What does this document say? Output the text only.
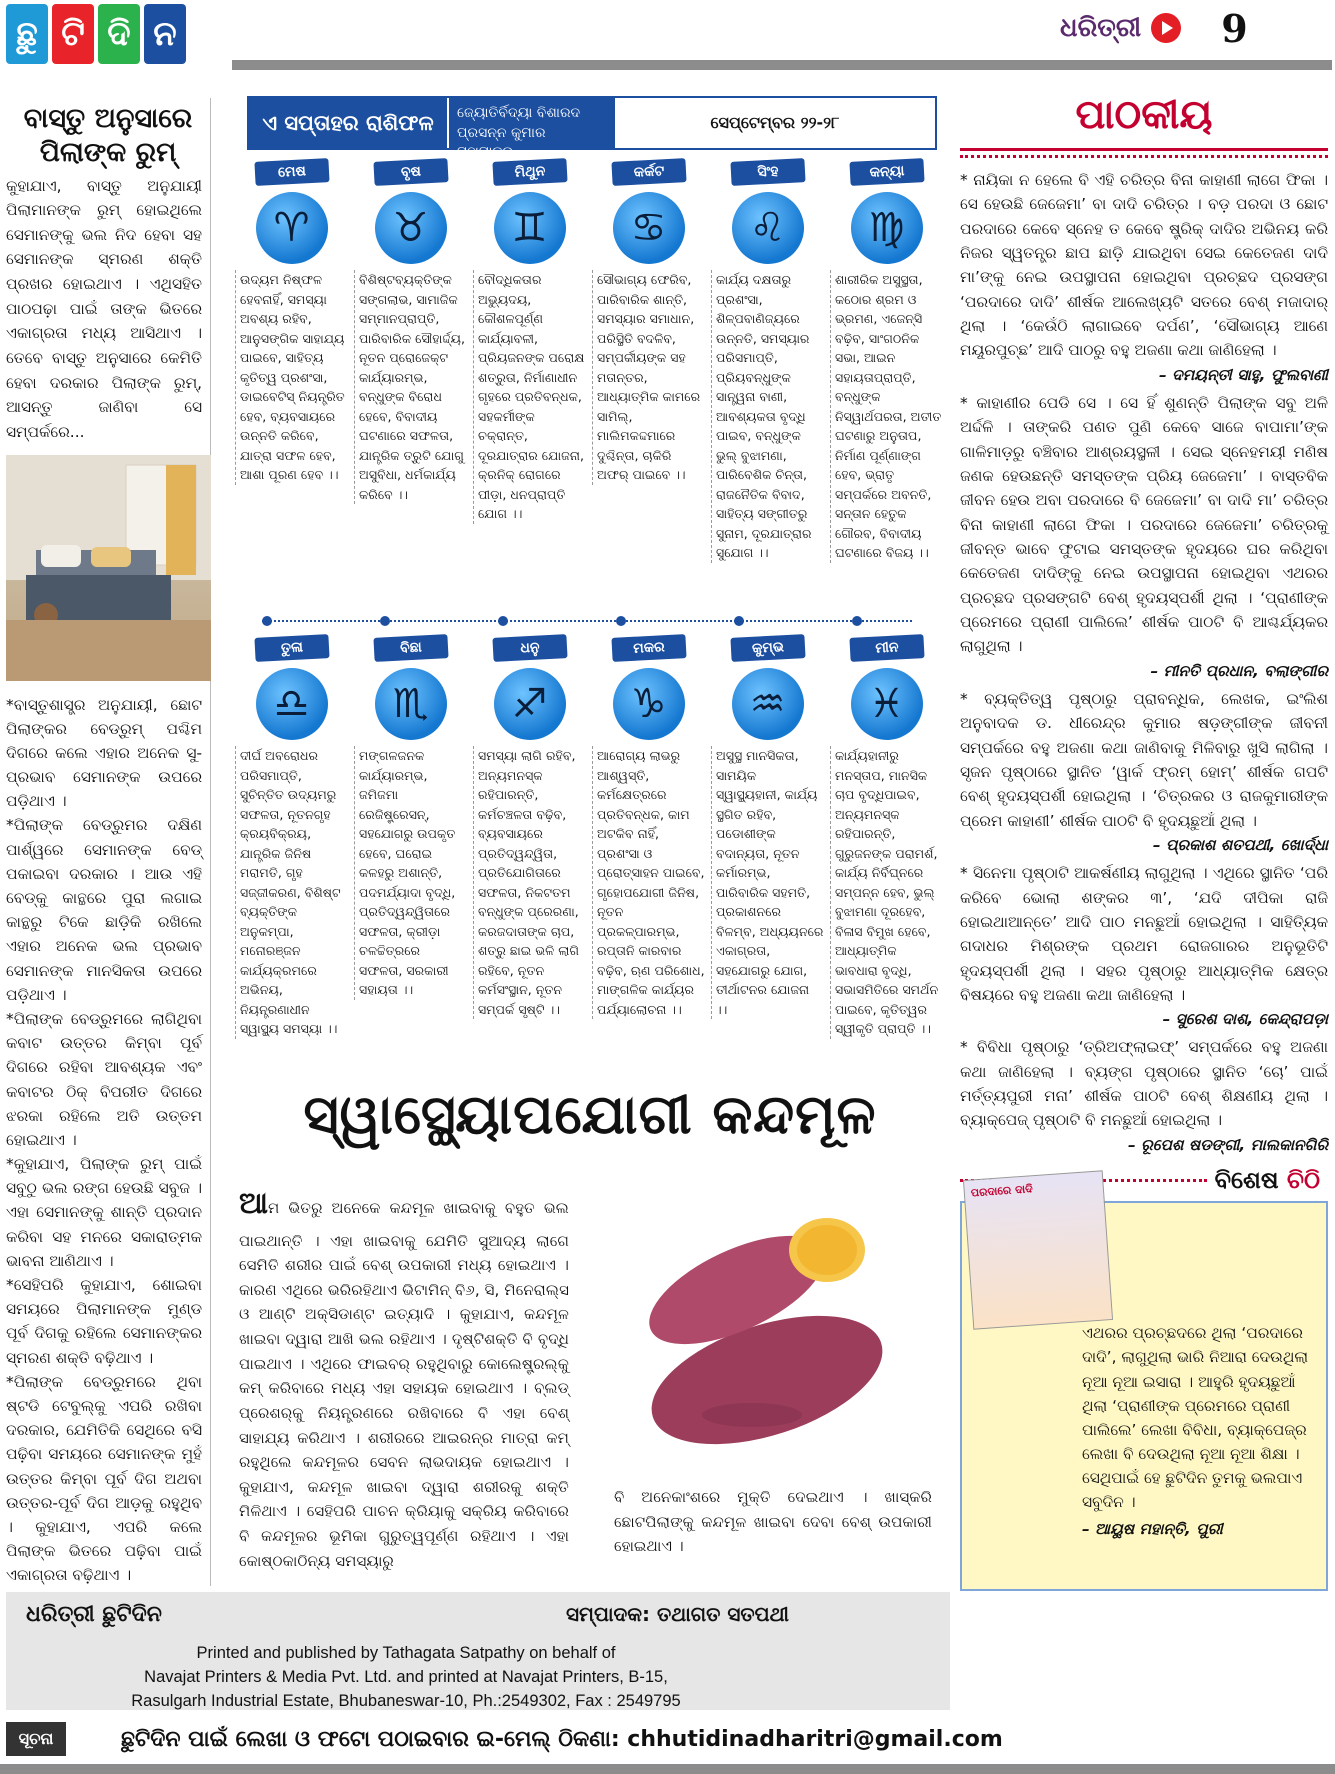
ଛୁ ଟି ଦି ନ	ଧରିତ୍ରୀ 9
ବାସ୍ତୁ ଅନୁସାରେ ପିଲାଙ୍କ ରୁମ୍
କୁହାଯାଏ, ବାସ୍ତୁ ଅନୁଯାୟୀ ପିଲାମାନଙ୍କ ରୁମ୍ ହୋଇଥିଲେ ସେମାନଙ୍କୁ ଭଲ ନିଦ ହେବା ସହ ସେମାନଙ୍କ ସ୍ମରଣ ଶକ୍ତି ପ୍ରଖର ହୋଇଥାଏ । ଏଥିସହିତ ପାଠପଢ଼ା ପାଇଁ ତାଙ୍କ ଭିତରେ ଏକାଗ୍ରତା ମଧ୍ୟ ଆସିଥାଏ । ତେବେ ବାସ୍ତୁ ଅନୁସାରେ କେମିତି ହେବା ଦରକାର ପିଲାଙ୍କ ରୁମ୍, ଆସନ୍ତୁ ଜାଣିବା ସେ ସମ୍ପର୍କରେ...

*ବାସ୍ତୁଶାସ୍ତ୍ର ଅନୁଯାୟୀ, ଛୋଟ ପିଲାଙ୍କର ବେଡ୍‌ରୁମ୍ ପଶ୍ଚିମ ଦିଗରେ କଲେ ଏହାର ଅନେକ ସୁ-ପ୍ରଭାବ ସେମାନଙ୍କ ଉପରେ ପଡ଼ିଥାଏ ।

*ପିଲାଙ୍କ ବେଡ୍‌ରୁମର ଦକ୍ଷିଣ ପାର୍ଶ୍ୱରେ ସେମାନଙ୍କ ବେଡ୍ ପକାଇବା ଦରକାର । ଆଉ ଏହି ବେଡ୍‌କୁ କାନ୍ଥରେ ପୁରା ଲଗାଇ କାନ୍ଥରୁ ଟିକେ ଛାଡ଼ିକି ରଖିଲେ ଏହାର ଅନେକ ଭଲ ପ୍ରଭାବ ସେମାନଙ୍କ ମାନସିକତା ଉପରେ ପଡ଼ିଥାଏ ।

*ପିଲାଙ୍କ ବେଡ୍‌ରୁମରେ ଲାଗିଥିବା କବାଟ ଉତ୍ତର କିମ୍ବା ପୂର୍ବ ଦିଗରେ ରହିବା ଆବଶ୍ୟକ ଏବଂ କବାଟର ଠିକ୍ ବିପରୀତ ଦିଗରେ ଝରକା ରହିଲେ ଅତି ଉତ୍ତମ ହୋଇଥାଏ ।

*କୁହାଯାଏ, ପିଲାଙ୍କ ରୁମ୍ ପାଇଁ ସବୁଠୁ ଭଲ ରଙ୍ଗ ହେଉଛି ସବୁଜ । ଏହା ସେମାନଙ୍କୁ ଶାନ୍ତି ପ୍ରଦାନ କରିବା ସହ ମନରେ ସକାରାତ୍ମକ ଭାବନା ଆଣିଥାଏ ।

*ସେହିପରି କୁହାଯାଏ, ଶୋଇବା ସମୟରେ ପିଲାମାନଙ୍କ ମୁଣ୍ଡ ପୂର୍ବ ଦିଗକୁ ରହିଲେ ସେମାନଙ୍କର ସ୍ମରଣ ଶକ୍ତି ବଢ଼ିଥାଏ ।

*ପିଲାଙ୍କ ବେଡ୍‌ରୁମରେ ଥିବା ଷ୍ଟଡି ଟେବୁଲ୍‌କୁ ଏପରି ରଖିବା ଦରକାର, ଯେମିତିକି ସେଥିରେ ବସି ପଢ଼ିବା ସମୟରେ ସେମାନଙ୍କ ମୁହଁ ଉତ୍ତର କିମ୍ବା ପୂର୍ବ ଦିଗ ଅଥବା ଉତ୍ତର-ପୂର୍ବ ଦିଗ ଆଡ଼କୁ ରହୁଥିବ । କୁହାଯାଏ, ଏପରି କଲେ ପିଲାଙ୍କ ଭିତରେ ପଢ଼ିବା ପାଇଁ ଏକାଗ୍ରତା ବଢ଼ିଥାଏ ।

ଏ ସପ୍ତାହର ରାଶିଫଳ	ଜ୍ୟୋତିର୍ବିଦ୍ୟା ବିଶାରଦ ପ୍ରସନ୍ନ କୁମାର ମହାପାତ୍ର
ସେପ୍ଟେମ୍ବର ୨୨-୨୮
ମେଷ
♈
ଉଦ୍ୟମ ନିଷ୍ଫଳ ହେବନାହିଁ, ସମସ୍ୟା ଅବଶ୍ୟ ରହିବ, ଆନୁସଙ୍ଗିକ ସାହାଯ୍ୟ ପାଇବେ, ସାହିତ୍ୟ କୃତିତ୍ୱ ପ୍ରଶଂସା, ଡାଇବେଟିସ୍ ନିୟନ୍ତ୍ରିତ ହେବ, ବ୍ୟବସାୟରେ ଉନ୍ନତି କରିବେ, ଯାତ୍ରା ସଫଳ ହେବ, ଆଶା ପୂରଣ ହେବ ।।
ବୃଷ
♉
ବିଶିଷ୍ଟବ୍ୟକ୍ତିଙ୍କ ସଙ୍ଗଲାଭ, ସାମାଜିକ ସମ୍ମାନପ୍ରାପ୍ତି, ପାରିବାରିକ ସୌହାର୍ଦ୍ଦ୍ୟ, ନୂତନ ପ୍ରୋଜେକ୍ଟ କାର୍ଯ୍ୟାରମ୍ଭ, ବନ୍ଧୁଙ୍କ ବିରୋଧ ହେବେ, ବିବାଦୀୟ ଘଟଣାରେ ସଫଳତା, ଯାନ୍ତ୍ରିକ ତ୍ରୁଟି ଯୋଗୁ ଅସୁବିଧା, ଧର୍ମକାର୍ଯ୍ୟ କରିବେ ।।
ମିଥୁନ
♊
ବୌଦ୍ଧିକତାର ଅଭ୍ୟୁଦୟ, କୌଶଳପୂର୍ଣ୍ଣ କାର୍ଯ୍ୟାବଳୀ, ପ୍ରିୟଜନଙ୍କ ପରୋକ୍ଷ ଶତ୍ରୁତା, ନିର୍ମାଣାଧୀନ ଗୃହରେ ପ୍ରତିବନ୍ଧକ, ସହକର୍ମୀଙ୍କ ଚକ୍ରାନ୍ତ, ଦୂରଯାତ୍ରାର ଯୋଜନା, କ୍ରନିକ୍ ରୋଗରେ ପୀଡ଼ା, ଧନପ୍ରାପ୍ତି ଯୋଗ ।।
କର୍କଟ
♋
ସୌଭାଗ୍ୟ ଫେରିବ, ପାରିବାରିକ ଶାନ୍ତି, ସମସ୍ୟାର ସମାଧାନ, ପରିସ୍ଥିତି ବଦଳିବ, ସମ୍ପର୍କୀୟଙ୍କ ସହ ମତାନ୍ତର, ଆଧ୍ୟାତ୍ମିକ କାମରେ ସାମିଲ୍, ମାଲିମକଦ୍ଦମାରେ ଦୁଶ୍ଚିନ୍ତା, ଚାକିରି ଅଫର୍ ପାଇବେ ।।
ସିଂହ
♌
କାର୍ଯ୍ୟ ଦକ୍ଷତାରୁ ପ୍ରଶଂସା, ଶିଳ୍ପବାଣିଜ୍ୟରେ ଉନ୍ନତି, ସମସ୍ୟାର ପରିସମାପ୍ତି, ପ୍ରିୟବନ୍ଧୁଙ୍କ ସାନ୍ତ୍ୱନା ବାଣୀ, ଆବଶ୍ୟକତା ବୃଦ୍ଧି ପାଇବ, ବନ୍ଧୁଙ୍କ ଭୁଲ୍ ବୁଝାମଣା, ପାରିବେଶିକ ଚିନ୍ତା, ରାଜନୈତିକ ବିବାଦ, ସାହିତ୍ୟ ସଙ୍ଗୀତରୁ ସୁନାମ, ଦୂରଯାତ୍ରାର ସୁଯୋଗ ।।
କନ୍ୟା
♍
ଶାରୀରିକ ଅସୁସ୍ଥତା, କଠୋର ଶ୍ରମ ଓ ଭ୍ରମଣ, ଏଜେନ୍ସି ବଢ଼ିବ, ସାଂଗଠନିକ ସଭା, ଆଇନ ସହାୟତାପ୍ରାପ୍ତି, ବନ୍ଧୁଙ୍କ ନିସ୍ୱାର୍ଥପରତା, ଅତୀତ ଘଟଣାରୁ ଅନୁତାପ, ନିର୍ମାଣ ପୂର୍ଣ୍ଣାଙ୍ଗ ହେବ, ଭ୍ରାତୃ ସମ୍ପର୍କରେ ଅବନତି, ସନ୍ତାନ ହେତୁକ ଗୌରବ, ବିବାଦୀୟ ଘଟଣାରେ ବିଜୟ ।।
ତୁଳା
♎
ଦୀର୍ଘ ଅବରୋଧର ପରିସମାପ୍ତି, ସୁଚିନ୍ତିତ ଉଦ୍ୟମରୁ ସଫଳତା, ନୂତନଗୃହ କ୍ରୟବିକ୍ରୟ, ଯାନ୍ତ୍ରିକ ଜିନିଷ ମରାମତି, ଗୃହ ସଜ୍ଜୀକରଣ, ବିଶିଷ୍ଟ ବ୍ୟକ୍ତିଙ୍କ ଅନୁକମ୍ପା, ମନୋରଞ୍ଜନ କାର୍ଯ୍ୟକ୍ରମରେ ଅଭିନୟ, ନିୟନ୍ତ୍ରଣାଧୀନ ସ୍ୱାସ୍ଥ୍ୟ ସମସ୍ୟା ।।
ବିଛା
♏
ମଙ୍ଗଳଜନକ କାର୍ଯ୍ୟାରମ୍ଭ, ଜମିଜମା ରେଜିଷ୍ଟ୍ରେସନ୍, ସହଯୋଗରୁ ଉପକୃତ ହେବେ, ଘରୋଇ କଳହରୁ ଅଶାନ୍ତି, ପଦମର୍ଯ୍ୟାଦା ବୃଦ୍ଧି, ପ୍ରତିଦ୍ୱନ୍ଦ୍ୱିତାରେ ସଫଳତା, କ୍ରୀଡ଼ା ଚଳଚ୍ଚିତ୍ରରେ ସଫଳତା, ସରକାରୀ ସହାୟତା ।।
ଧନୁ
♐
ସମସ୍ୟା ଲାଗି ରହିବ, ଅନ୍ୟମନସ୍କ ରହିପାରନ୍ତି, କର୍ମଚଞ୍ଚଳତା ବଢ଼ିବ, ବ୍ୟବସାୟରେ ପ୍ରତିଦ୍ୱନ୍ଦ୍ୱିତା, ପ୍ରତିଯୋଗିତାରେ ସଫଳତା, ନିକଟତମ ବନ୍ଧୁଙ୍କ ପ୍ରେରଣା, କରଜଦାତାଙ୍କ ଚାପ, ଶତ୍ରୁ ଛାଇ ଭଳି ଲାଗି ରହିବେ, ନୂତନ କର୍ମସଂସ୍ଥାନ, ନୂତନ ସମ୍ପର୍କ ସୃଷ୍ଟି ।।
ମକର
♑
ଆରୋଗ୍ୟ ଲାଭରୁ ଆଶ୍ୱସ୍ତି, କର୍ମକ୍ଷେତ୍ରରେ ପ୍ରତିବନ୍ଧକ, କାମ ଅଟକିବ ନାହିଁ, ପ୍ରଶଂସା ଓ ପ୍ରୋତ୍ସାହନ ପାଇବେ, ଗୃହୋପଯୋଗୀ ଜିନିଷ, ନୂତନ ପ୍ରକଳ୍ପାରମ୍ଭ, ରପ୍ତାନି କାରବାର ବଢ଼ିବ, ଋଣ ପରିଶୋଧ, ମାଙ୍ଗଳିକ କାର୍ଯ୍ୟର ପର୍ଯ୍ୟାଲୋଚନା ।।
କୁମ୍ଭ
♒
ଅସୁସ୍ଥ ମାନସିକତା, ସାମୟିକ ସ୍ୱାସ୍ଥ୍ୟହାନୀ, କାର୍ଯ୍ୟ ସ୍ଥଗିତ ରହିବ, ପଡୋଶୀଙ୍କ ବଦାନ୍ୟତା, ନୂତନ କର୍ମାରମ୍ଭ, ପାରିବାରିକ ସହମତି, ପ୍ରକାଶନରେ ବିଳମ୍ବ, ଅଧ୍ୟୟନରେ ଏକାଗ୍ରତା, ସହଯୋଗରୁ ଯୋଗ, ତୀର୍ଥାଟନର ଯୋଜନା ।।
ମୀନ
♓
କାର୍ଯ୍ୟହାନୀରୁ ମନସ୍ତାପ, ମାନସିକ ଚାପ ବୃଦ୍ଧିପାଇବ, ଅନ୍ୟମନସ୍କ ରହିପାରନ୍ତି, ଗୁରୁଜନଙ୍କ ପରାମର୍ଶ, କାର୍ଯ୍ୟ ନିର୍ବିଘ୍ନରେ ସମ୍ପନ୍ନ ହେବ, ଭୁଲ୍ ବୁଝାମଣା ଦୂରହେବ, ବିଳାସ ବିମୁଖ ହେବେ, ଆଧ୍ୟାତ୍ମିକ ଭାବଧାରା ବୃଦ୍ଧି, ସଭାସମିତିରେ ସମର୍ଥନ ପାଇବେ, କୃତିତ୍ୱର ସ୍ୱୀକୃତି ପ୍ରାପ୍ତି ।।
ସ୍ୱାସ୍ଥ୍ୟୋପଯୋଗୀ କନ୍ଦମୂଳ
ଆମ ଭିତରୁ ଅନେକେ କନ୍ଦମୂଳ ଖାଇବାକୁ ବହୁତ ଭଲ ପାଇଥାନ୍ତି । ଏହା ଖାଇବାକୁ ଯେମିତି ସୁଆଦ୍ୟ ଲାଗେ ସେମିତି ଶରୀର ପାଇଁ ବେଶ୍ ଉପକାରୀ ମଧ୍ୟ ହୋଇଥାଏ । କାରଣ ଏଥିରେ ଭରିରହିଥାଏ ଭିଟାମିନ୍ ବି୬, ସି, ମିନେରାଲ୍ସ ଓ ଆଣ୍ଟି ଅକ୍ସିଡାଣ୍ଟ ଇତ୍ୟାଦି । କୁହାଯାଏ, କନ୍ଦମୂଳ ଖାଇବା ଦ୍ୱାରା ଆଖି ଭଲ ରହିଥାଏ । ଦୃଷ୍ଟିଶକ୍ତି ବି ବୃଦ୍ଧି ପାଇଥାଏ । ଏଥିରେ ଫାଇବର୍ ରହୁଥିବାରୁ କୋଲେଷ୍ଟ୍ରଲ୍‌କୁ କମ୍ କରିବାରେ ମଧ୍ୟ ଏହା ସହାୟକ ହୋଇଥାଏ । ବ୍ଲଡ୍ ପ୍ରେଶର୍‌କୁ ନିୟନ୍ତ୍ରଣରେ ରଖିବାରେ ବି ଏହା ବେଶ୍ ସାହାଯ୍ୟ କରିଥାଏ । ଶରୀରରେ ଆଇରନ୍‌ର ମାତ୍ରା କମ୍ ରହୁଥିଲେ କନ୍ଦମୂଳର ସେବନ ଲାଭଦାୟକ ହୋଇଥାଏ । କୁହାଯାଏ, କନ୍ଦମୂଳ ଖାଇବା ଦ୍ୱାରା ଶରୀରକୁ ଶକ୍ତି ମିଳିଥାଏ । ସେହିପରି ପାଚନ କ୍ରିୟାକୁ ସକ୍ରିୟ କରିବାରେ ବି କନ୍ଦମୂଳର ଭୂମିକା ଗୁରୁତ୍ୱପୂର୍ଣ୍ଣ ରହିଥାଏ । ଏହା କୋଷ୍ଠକାଠିନ୍ୟ ସମସ୍ୟାରୁ
ବି ଅନେକାଂଶରେ ମୁକ୍ତି ଦେଇଥାଏ । ଖାସ୍‌କରି ଛୋଟପିଲାଙ୍କୁ କନ୍ଦମୂଳ ଖାଇବା ଦେବା ବେଶ୍ ଉପକାରୀ ହୋଇଥାଏ ।
ପାଠକୀୟ
* ନାୟିକା ନ ହେଲେ ବି ଏହି ଚରିତ୍ର ବିନା କାହାଣୀ ଲାଗେ ଫିକା । ସେ ହେଉଛି ଜେଜେମା’ ବା ଦାଦି ଚରିତ୍ର । ବଡ଼ ପରଦା ଓ ଛୋଟ ପରଦାରେ କେବେ ସ୍ନେହ ତ କେବେ ଷ୍ଟ୍ରିକ୍ ଦାଦିର ଅଭିନୟ କରି ନିଜର ସ୍ୱତନ୍ତ୍ର ଛାପ ଛାଡ଼ି ଯାଇଥିବା ସେଇ କେତେଜଣ ଦାଦି ମା’ଙ୍କୁ ନେଇ ଉପସ୍ଥାପନା ହୋଇଥିବା ପ୍ରଚ୍ଛଦ ପ୍ରସଙ୍ଗ ‘ପରଦାରେ ଦାଦି’ ଶୀର୍ଷକ ଆଲେଖ୍ୟଟି ସତରେ ବେଶ୍ ମଜାଦାର୍ ଥିଲା । ‘କେଉଁଠି ଲାଗାଇବେ ଦର୍ପଣ’, ‘ସୌଭାଗ୍ୟ ଆଣେ ମୟୂରପୁଚ୍ଛ’ ଆଦି ପାଠରୁ ବହୁ ଅଜଣା କଥା ଜାଣିହେଲା ।
– ଦମୟନ୍ତୀ ସାହୁ, ଫୁଲବାଣୀ
* କାହାଣୀର ପେଡି ସେ । ସେ ହିଁ ଶୁଣନ୍ତି ପିଲାଙ୍କ ସବୁ ଅଳି ଅର୍ଦ୍ଦଳି । ତାଙ୍କରି ପଣତ ପୁଣି କେବେ ସାଜେ ବାପାମା’ଙ୍କ ଗାଳିମାଡ଼ରୁ ବଞ୍ଚିବାର ଆଶ୍ରୟସ୍ଥଳୀ । ସେଇ ସ୍ନେହମୟୀ ମଣିଷ ଜଣକ ହେଉଛନ୍ତି ସମସ୍ତଙ୍କ ପ୍ରିୟ ଜେଜେମା’ । ବାସ୍ତବିକ ଜୀବନ ହେଉ ଅବା ପରଦାରେ ବି ଜେଜେମା’ ବା ଦାଦି ମା’ ଚରିତ୍ର ବିନା କାହାଣୀ ଲାଗେ ଫିକା । ପରଦାରେ ଜେଜେମା’ ଚରିତ୍ରକୁ ଜୀବନ୍ତ ଭାବେ ଫୁଟାଇ ସମସ୍ତଙ୍କ ହୃଦୟରେ ଘର କରିଥିବା କେତେଜଣ ଦାଦିଙ୍କୁ ନେଇ ଉପସ୍ଥାପନା ହୋଇଥିବା ଏଥରର ପ୍ରଚ୍ଛଦ ପ୍ରସଙ୍ଗଟି ବେଶ୍ ହୃଦୟସ୍ପର୍ଶୀ ଥିଲା । ‘ପ୍ରାଣୀଙ୍କ ପ୍ରେମରେ ପ୍ରାଣୀ ପାଲିଲେ’ ଶୀର୍ଷକ ପାଠଟି ବି ଆଶ୍ଚର୍ଯ୍ୟକର ଲାଗୁଥିଲା ।
– ମୀନତି ପ୍ରଧାନ, ବଲାଙ୍ଗୀର
* ବ୍ୟକ୍ତିତ୍ୱ ପୃଷ୍ଠାରୁ ପ୍ରାବନ୍ଧିକ, ଲେଖକ, ଇଂଲିଶ ଅନୁବାଦକ ଡ. ଧୀରେନ୍ଦ୍ର କୁମାର ଷଡ଼ଙ୍ଗୀଙ୍କ ଜୀବନୀ ସମ୍ପର୍କରେ ବହୁ ଅଜଣା କଥା ଜାଣିବାକୁ ମିଳିବାରୁ ଖୁସି ଲାଗିଲା । ସୃଜନ ପୃଷ୍ଠାରେ ସ୍ଥାନିତ ‘ୱାର୍କ ଫ୍ରମ୍ ହୋମ୍’ ଶୀର୍ଷକ ଗପଟି ବେଶ୍ ହୃଦୟସ୍ପର୍ଶୀ ହୋଇଥିଲା । ‘ଚିତ୍ରକର ଓ ରାଜକୁମାରୀଙ୍କ ପ୍ରେମ କାହାଣୀ’ ଶୀର୍ଷକ ପାଠଟି ବି ହୃଦୟଛୁଆଁ ଥିଲା ।
– ପ୍ରକାଶ ଶତପଥୀ, ଖୋର୍ଦ୍ଧା
* ସିନେମା ପୃଷ୍ଠାଟି ଆକର୍ଷଣୀୟ ଲାଗୁଥିଲା । ଏଥିରେ ସ୍ଥାନିତ ‘ପରି କରିବେ ଭୋଲା ଶଙ୍କର ୩’, ‘ଯଦି ଦୀପିକା ରାଜି ହୋଇଥାଆନ୍ତେ’ ଆଦି ପାଠ ମନଛୁଆଁ ହୋଇଥିଲା । ସାହିତ୍ୟିକ ଗଦାଧର ମିଶ୍ରଙ୍କ ପ୍ରଥମ ରୋଜଗାରର ଅନୁଭୂତିଟି ହୃଦୟସ୍ପର୍ଶୀ ଥିଲା । ସହର ପୃଷ୍ଠାରୁ ଆଧ୍ୟାତ୍ମିକ କ୍ଷେତ୍ର ବିଷୟରେ ବହୁ ଅଜଣା କଥା ଜାଣିହେଲା ।
– ସୁରେଶ ଦାଶ, କେନ୍ଦ୍ରାପଡ଼ା
* ବିବିଧା ପୃଷ୍ଠାରୁ ‘ତ୍ରିଅଫ୍‌ଲାଇଫ୍’ ସମ୍ପର୍କରେ ବହୁ ଅଜଣା କଥା ଜାଣିହେଲା । ବ୍ୟଙ୍ଗ ପୃଷ୍ଠାରେ ସ୍ଥାନିତ ‘ଚୋ’ ପାଇଁ ମର୍ତ୍ତ୍ୟପୁରୀ ମନା’ ଶୀର୍ଷକ ପାଠଟି ବେଶ୍ ଶିକ୍ଷଣୀୟ ଥିଲା । ବ୍ୟାକ୍‌ପେଜ୍ ପୃଷ୍ଠାଟି ବି ମନଛୁଆଁ ହୋଇଥିଲା ।
– ରୂପେଶ ଷଡଙ୍ଗୀ, ମାଲକାନଗିରି
ବିଶେଷ ଚିଠି
ପରଦାରେ ଦାଦି
ଏଥରର ପ୍ରଚ୍ଛଦରେ ଥିଲା ‘ପରଦାରେ ଦାଦି’, ଲାଗୁଥିଲା ଭାରି ନିଆରା ଦେଉଥିଲା ନୂଆ ନୂଆ ଇସାରା । ଆହୁରି ହୃଦୟଛୁଆଁ ଥିଲା ‘ପ୍ରାଣୀଙ୍କ ପ୍ରେମରେ ପ୍ରାଣୀ ପାଲିଲେ’ ଲେଖା ବିବିଧା, ବ୍ୟାକ୍‌ପେଜ୍‌ର ଲେଖା ବି ଦେଉଥିଲା ନୂଆ ନୂଆ ଶିକ୍ଷା । ସେଥିପାଇଁ ହେ ଛୁଟିଦିନ ତୁମକୁ ଭଲପାଏ ସବୁଦିନ ।
– ଆୟୁଷ ମହାନ୍ତି, ପୁରୀ
ଧରିତ୍ରୀ ଛୁଟିଦିନ	ସମ୍ପାଦକ: ତଥାଗତ ସତପଥୀ
Printed and published by Tathagata Satpathy on behalf of
Navajat Printers & Media Pvt. Ltd. and printed at Navajat Printers, B-15,
Rasulgarh Industrial Estate, Bhubaneswar-10, Ph.:2549302, Fax : 2549795
ସୂଚନା	ଛୁଟିଦିନ ପାଇଁ ଲେଖା ଓ ଫଟୋ ପଠାଇବାର ଇ-ମେଲ୍ ଠିକଣା: chhutidinadharitri@gmail.com
